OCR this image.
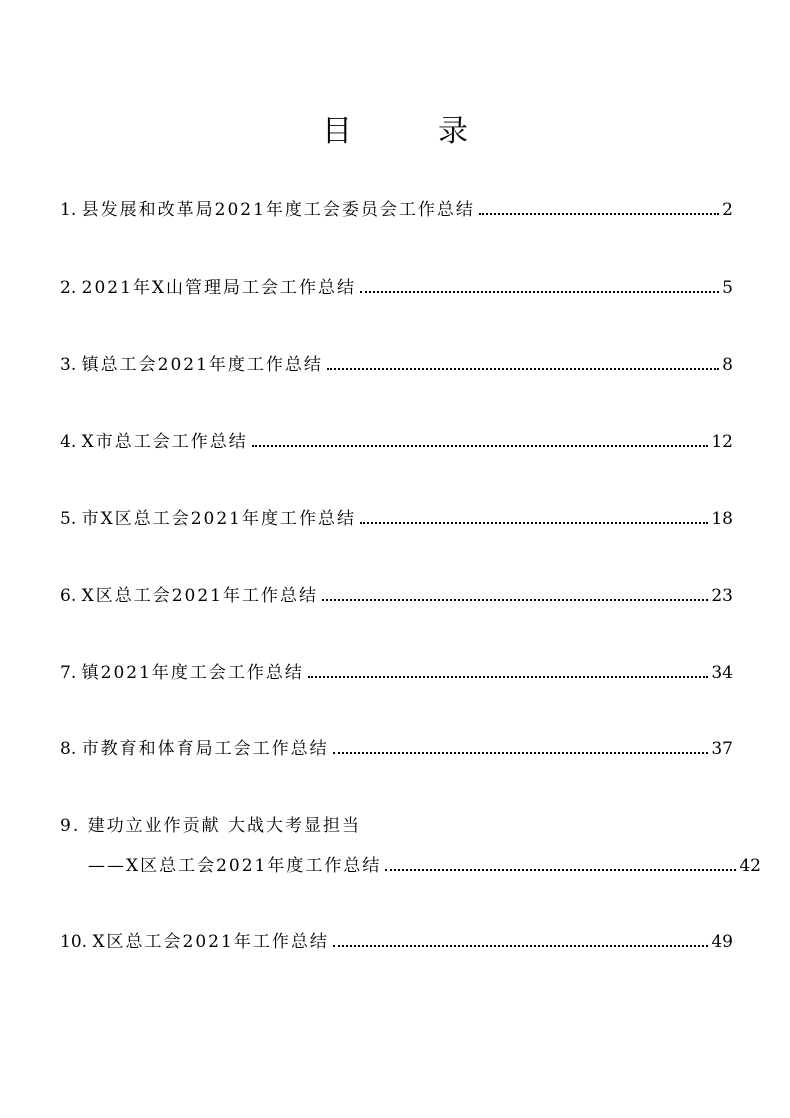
目　录
1. 县发展和改革局2021年度工会委员会工作总结	2
2. 2021年X山管理局工会工作总结	5
3. 镇总工会2021年度工作总结	8
4. X市总工会工作总结	12
5. 市X区总工会2021年度工作总结	18
6. X区总工会2021年工作总结	23
7. 镇2021年度工会工作总结	34
8. 市教育和体育局工会工作总结	37
9. 建功立业作贡献 大战大考显担当
——X区总工会2021年度工作总结	42
10. X区总工会2021年工作总结	49
